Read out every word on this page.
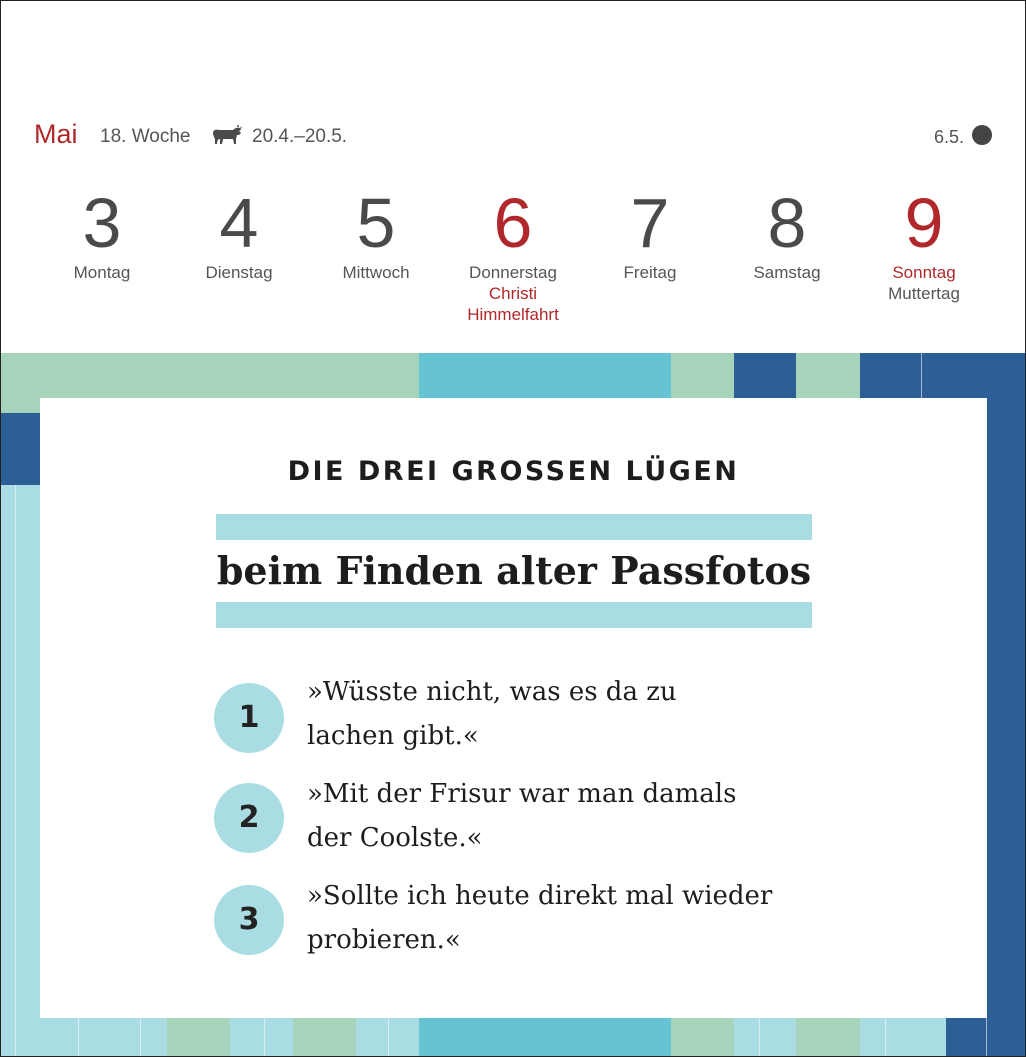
Mai 18. Woche	20.4.–20.5.	6.5.
3
Montag
4
Dienstag
5
Mittwoch
6
Donnerstag
Christi Himmelfahrt
7
Freitag
8
Samstag
9
Sonntag
Muttertag
DIE DREI GROSSEN LÜGEN
beim Finden alter Passfotos
1
»Wüsste nicht, was es da zu
lachen gibt.«
2
»Mit der Frisur war man damals
der Coolste.«
3
»Sollte ich heute direkt mal wieder
probieren.«
